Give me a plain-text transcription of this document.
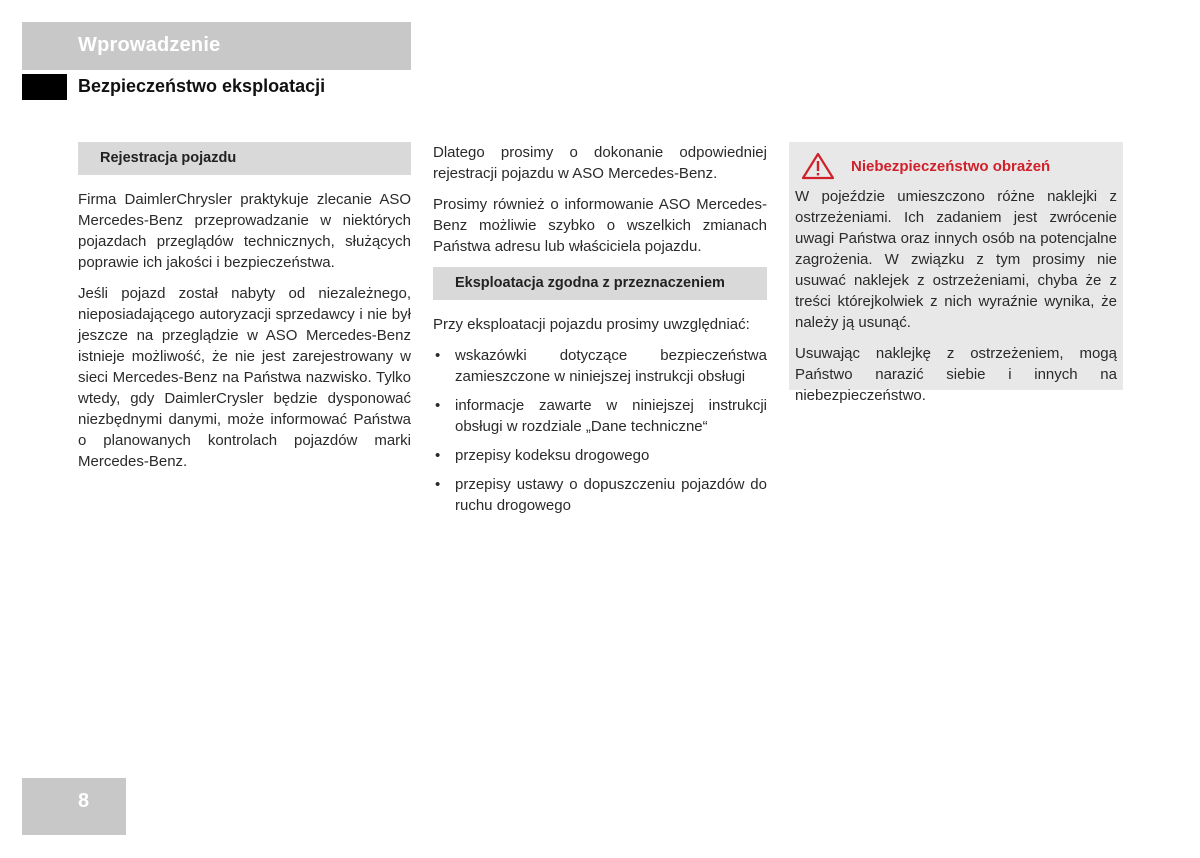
Wprowadzenie
Bezpieczeństwo eksploatacji
Rejestracja pojazdu

Firma DaimlerChrysler praktykuje zlecanie ASO Mercedes-Benz przeprowadzanie w niektórych pojazdach przeglądów technicznych, służących poprawie ich jakości i bezpieczeństwa.

Jeśli pojazd został nabyty od niezależnego, nieposiadającego autoryzacji sprzedawcy i nie był jeszcze na przeglądzie w ASO Mercedes-Benz istnieje możliwość, że nie jest zarejestrowany w sieci Mercedes-Benz na Państwa nazwisko. Tylko wtedy, gdy DaimlerCrysler będzie dysponować niezbędnymi danymi, może informować Państwa o planowanych kontrolach pojazdów marki Mercedes-Benz.

Dlatego prosimy o dokonanie odpowiedniej rejestracji pojazdu w ASO Mercedes-Benz.

Prosimy również o informowanie ASO Mercedes-Benz możliwie szybko o wszelkich zmianach Państwa adresu lub właściciela pojazdu.

Eksploatacja zgodna z przeznaczeniem

Przy eksploatacji pojazdu prosimy uwzględniać:

• wskazówki dotyczące bezpieczeństwa zamieszczone w niniejszej instrukcji obsługi
• informacje zawarte w niniejszej instrukcji obsługi w rozdziale „Dane techniczne“
• przepisy kodeksu drogowego
• przepisy ustawy o dopuszczeniu pojazdów do ruchu drogowego
Niebezpieczeństwo obrażeń

W pojeździe umieszczono różne naklejki z ostrzeżeniami. Ich zadaniem jest zwrócenie uwagi Państwa oraz innych osób na potencjalne zagrożenia. W związku z tym prosimy nie usuwać naklejek z ostrzeżeniami, chyba że z treści którejkolwiek z nich wyraźnie wynika, że należy ją usunąć.

Usuwając naklejkę z ostrzeżeniem, mogą Państwo narazić siebie i innych na niebezpieczeństwo.

8
